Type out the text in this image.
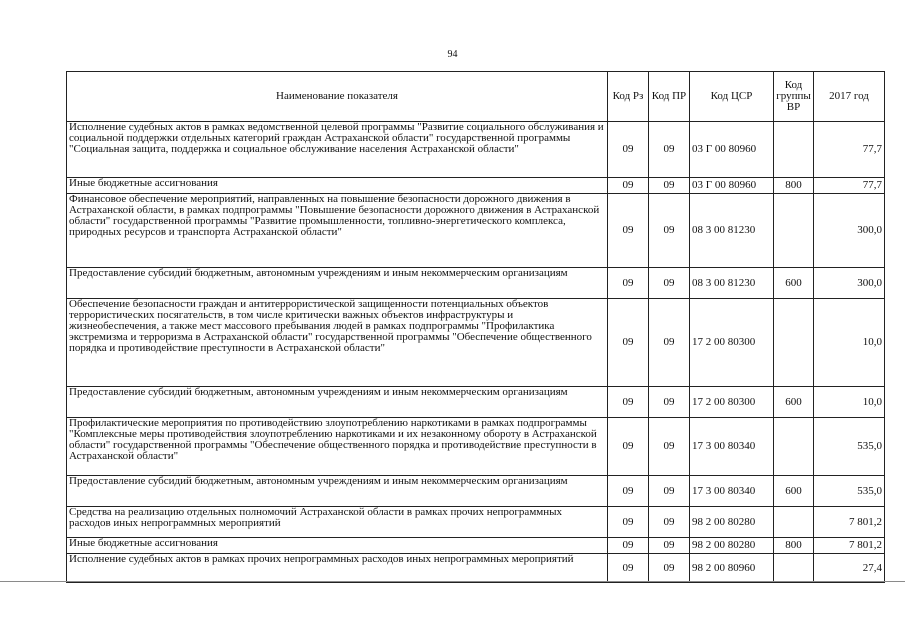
94
Наименование показателя	Код Рз	Код ПР	Код ЦСР	Код группы ВР	2017 год
Исполнение судебных актов в рамках ведомственной целевой программы "Развитие социального обслуживания и социальной поддержки отдельных категорий граждан Астраханской области" государственной программы "Социальная защита, поддержка и социальное обслуживание населения Астраханской области"	09	09	03 Г 00 80960		77,7
Иные бюджетные ассигнования	09	09	03 Г 00 80960	800	77,7
Финансовое обеспечение мероприятий, направленных на повышение безопасности дорожного движения в Астраханской области, в рамках подпрограммы "Повышение безопасности дорожного движения в Астраханской области" государственной программы "Развитие промышленности, топливно-энергетического комплекса, природных ресурсов и транспорта Астраханской области"	09	09	08 3 00 81230		300,0
Предоставление субсидий бюджетным, автономным учреждениям и иным некоммерческим организациям	09	09	08 3 00 81230	600	300,0
Обеспечение безопасности граждан и антитеррористической защищенности потенциальных объектов террористических посягательств, в том числе критически важных объектов инфраструктуры и жизнеобеспечения, а также мест массового пребывания людей в рамках подпрограммы "Профилактика экстремизма и терроризма в Астраханской области" государственной программы "Обеспечение общественного порядка и противодействие преступности в Астраханской области"	09	09	17 2 00 80300		10,0
Предоставление субсидий бюджетным, автономным учреждениям и иным некоммерческим организациям	09	09	17 2 00 80300	600	10,0
Профилактические мероприятия по противодействию злоупотреблению наркотиками в рамках подпрограммы "Комплексные меры противодействия злоупотреблению наркотиками и их незаконному обороту в Астраханской области" государственной программы "Обеспечение общественного порядка и противодействие преступности в Астраханской области"	09	09	17 3 00 80340		535,0
Предоставление субсидий бюджетным, автономным учреждениям и иным некоммерческим организациям	09	09	17 3 00 80340	600	535,0
Средства на реализацию отдельных полномочий Астраханской области в рамках прочих непрограммных расходов иных непрограммных мероприятий	09	09	98 2 00 80280		7 801,2
Иные бюджетные ассигнования	09	09	98 2 00 80280	800	7 801,2
Исполнение судебных актов в рамках прочих непрограммных расходов иных непрограммных мероприятий	09	09	98 2 00 80960		27,4
